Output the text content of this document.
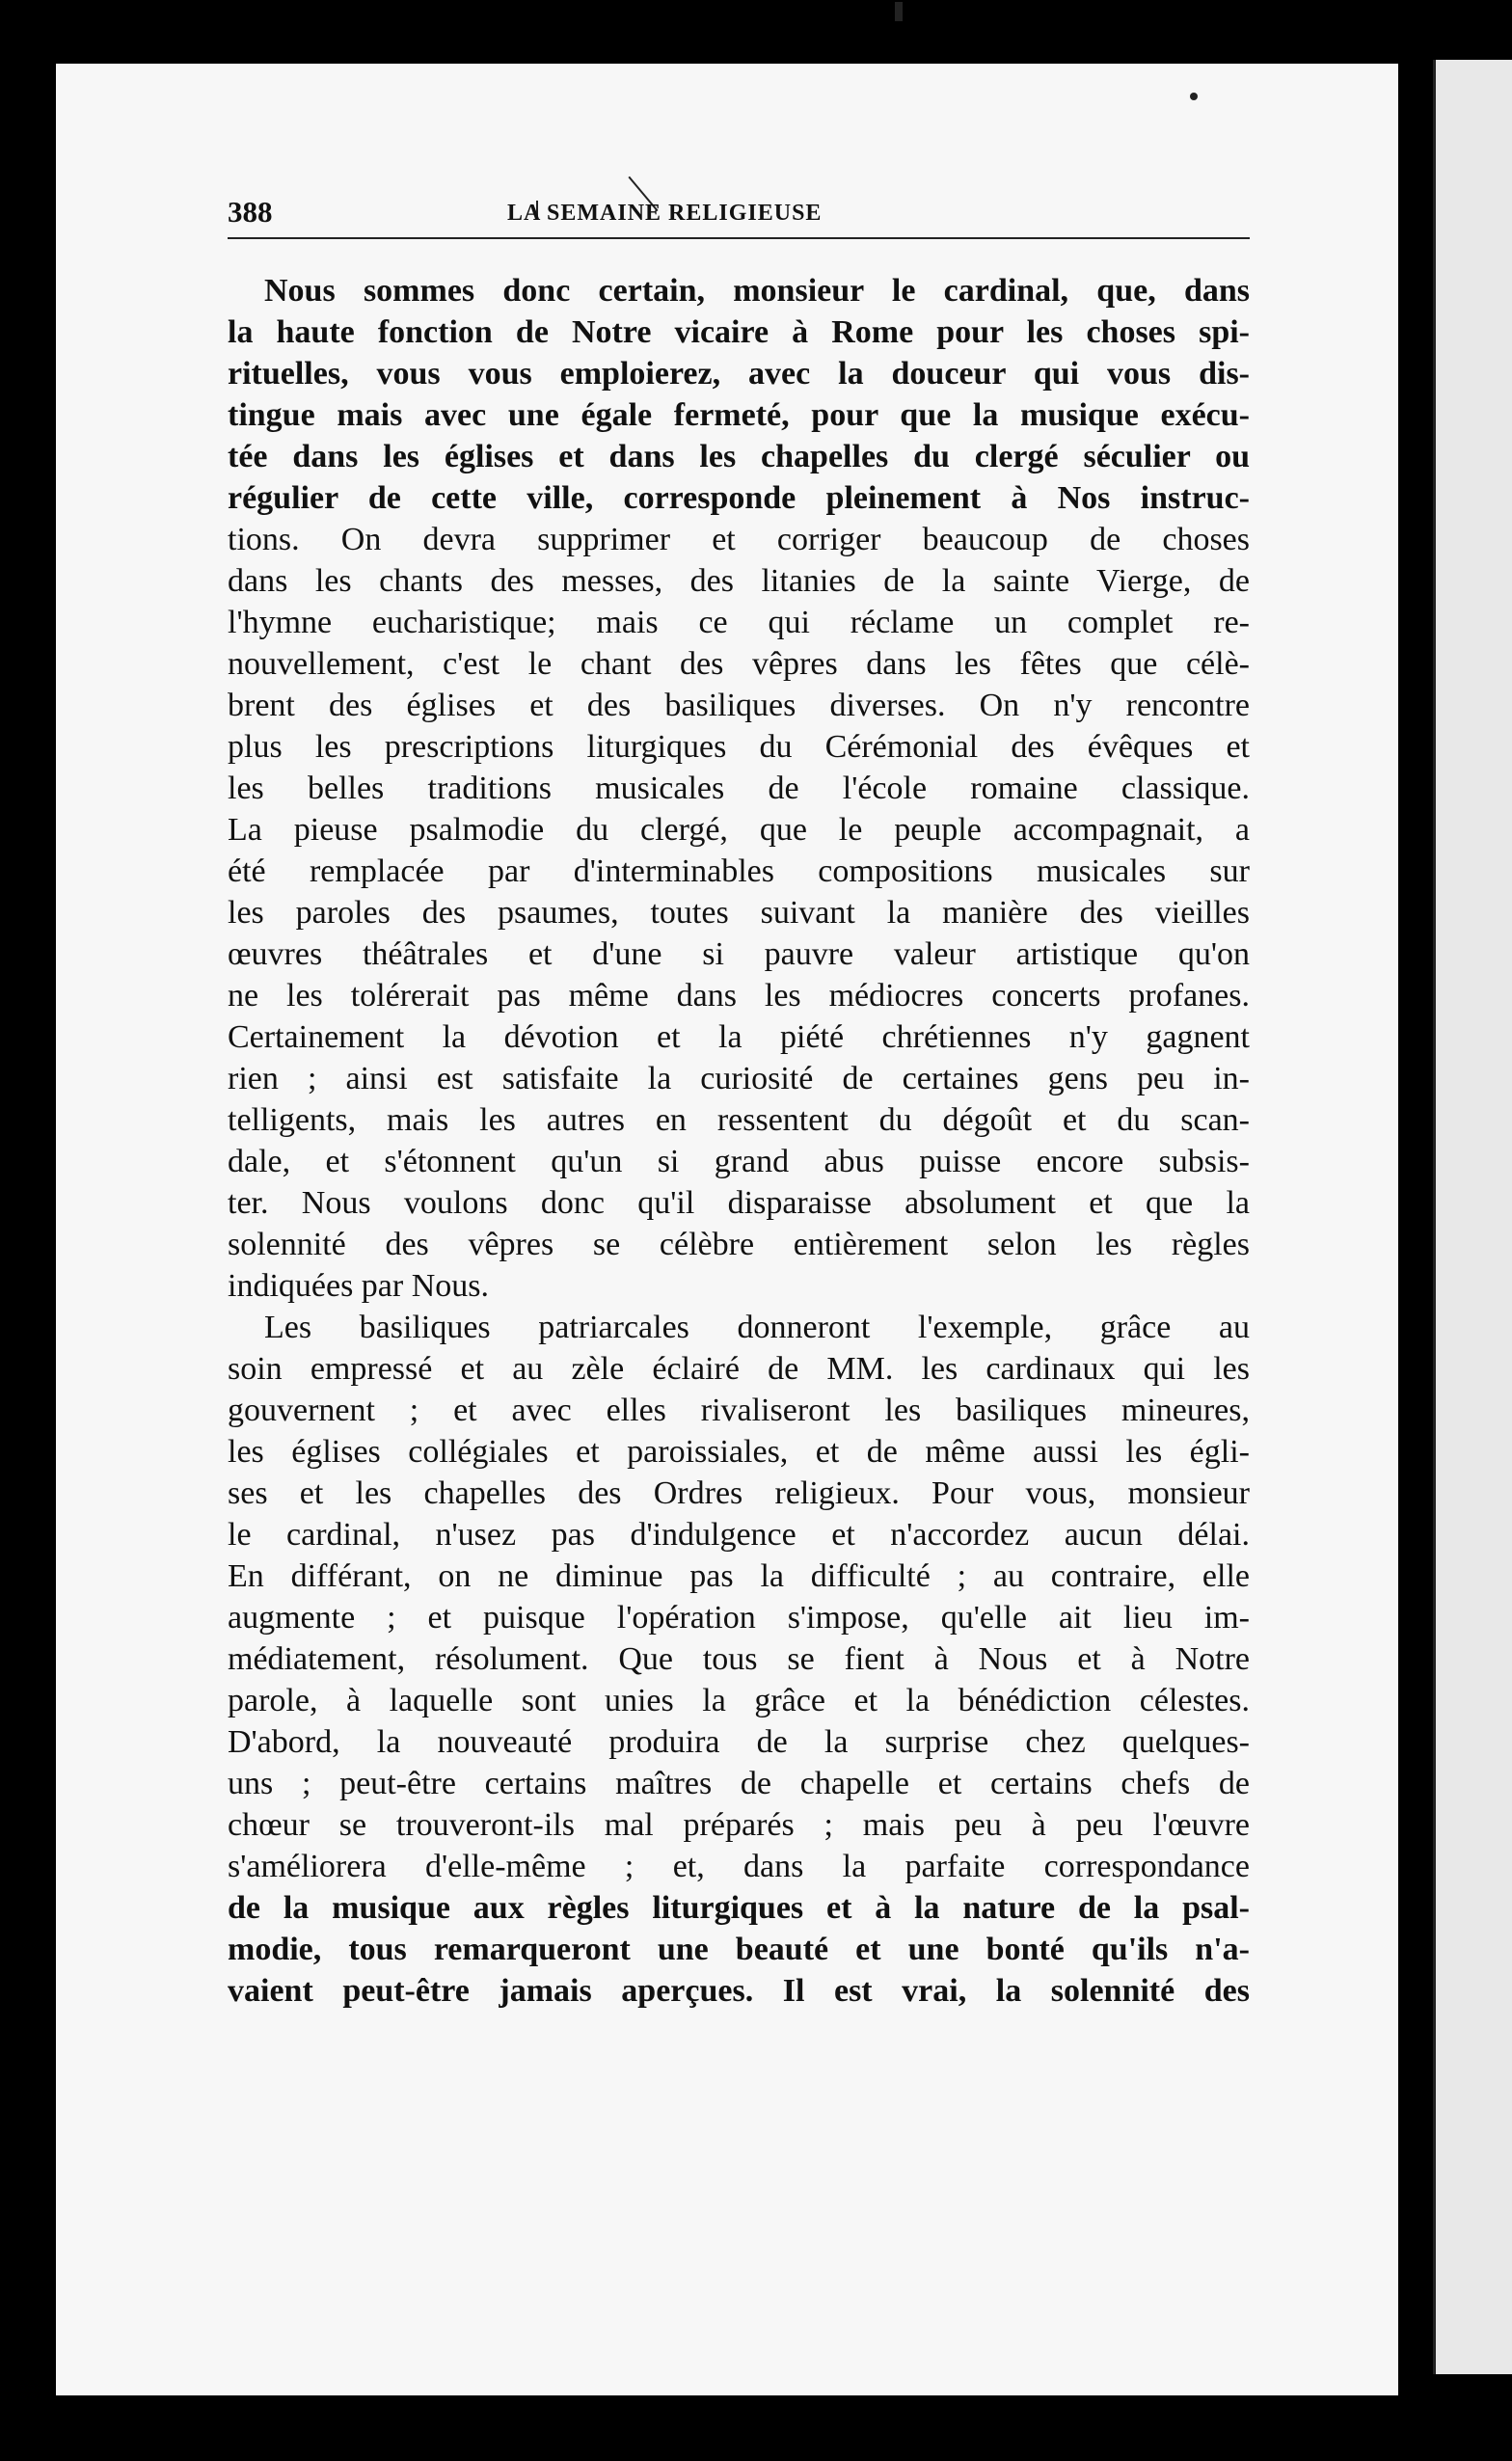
388	LA SEMAINE RELIGIEUSE
Nous sommes donc certain, monsieur le cardinal, que, dans
la haute fonction de Notre vicaire à Rome pour les choses spi-
rituelles, vous vous emploierez, avec la douceur qui vous dis-
tingue mais avec une égale fermeté, pour que la musique exécu-
tée dans les églises et dans les chapelles du clergé séculier ou
régulier de cette ville, corresponde pleinement à Nos instruc-
tions. On devra supprimer et corriger beaucoup de choses
dans les chants des messes, des litanies de la sainte Vierge, de
l'hymne eucharistique; mais ce qui réclame un complet re-
nouvellement, c'est le chant des vêpres dans les fêtes que célè-
brent des églises et des basiliques diverses. On n'y rencontre
plus les prescriptions liturgiques du Cérémonial des évêques et
les belles traditions musicales de l'école romaine classique.
La pieuse psalmodie du clergé, que le peuple accompagnait, a
été remplacée par d'interminables compositions musicales sur
les paroles des psaumes, toutes suivant la manière des vieilles
œuvres théâtrales et d'une si pauvre valeur artistique qu'on
ne les tolérerait pas même dans les médiocres concerts profanes.
Certainement la dévotion et la piété chrétiennes n'y gagnent
rien ; ainsi est satisfaite la curiosité de certaines gens peu in-
telligents, mais les autres en ressentent du dégoût et du scan-
dale, et s'étonnent qu'un si grand abus puisse encore subsis-
ter. Nous voulons donc qu'il disparaisse absolument et que la
solennité des vêpres se célèbre entièrement selon les règles
indiquées par Nous.
Les basiliques patriarcales donneront l'exemple, grâce au
soin empressé et au zèle éclairé de MM. les cardinaux qui les
gouvernent ; et avec elles rivaliseront les basiliques mineures,
les églises collégiales et paroissiales, et de même aussi les égli-
ses et les chapelles des Ordres religieux. Pour vous, monsieur
le cardinal, n'usez pas d'indulgence et n'accordez aucun délai.
En différant, on ne diminue pas la difficulté ; au contraire, elle
augmente ; et puisque l'opération s'impose, qu'elle ait lieu im-
médiatement, résolument. Que tous se fient à Nous et à Notre
parole, à laquelle sont unies la grâce et la bénédiction célestes.
D'abord, la nouveauté produira de la surprise chez quelques-
uns ; peut-être certains maîtres de chapelle et certains chefs de
chœur se trouveront-ils mal préparés ; mais peu à peu l'œuvre
s'améliorera d'elle-même ; et, dans la parfaite correspondance
de la musique aux règles liturgiques et à la nature de la psal-
modie, tous remarqueront une beauté et une bonté qu'ils n'a-
vaient peut-être jamais aperçues. Il est vrai, la solennité des
